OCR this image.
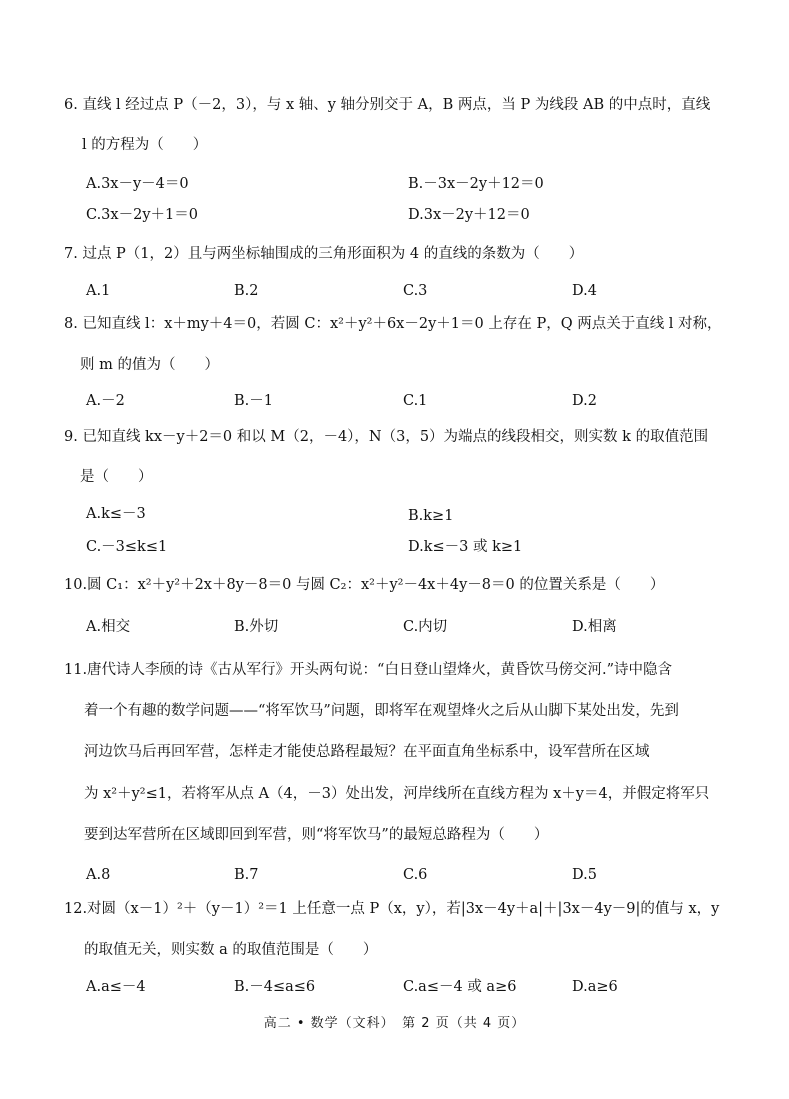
6. 直线 l 经过点 P（－2，3），与 x 轴、y 轴分别交于 A，B 两点，当 P 为线段 AB 的中点时，直线
l 的方程为（　　）
A.3x－y－4＝0	B.－3x－2y＋12＝0
C.3x－2y＋1＝0	D.3x－2y＋12＝0
7. 过点 P（1，2）且与两坐标轴围成的三角形面积为 4 的直线的条数为（　　）
A.1	B.2	C.3	D.4
8. 已知直线 l：x＋my＋4＝0，若圆 C：x²＋y²＋6x－2y＋1＝0 上存在 P，Q 两点关于直线 l 对称，
则 m 的值为（　　）
A.－2	B.－1	C.1	D.2
9. 已知直线 kx－y＋2＝0 和以 M（2，－4），N（3，5）为端点的线段相交，则实数 k 的取值范围
是（　　）
A.k≤－3	B.k≥1
C.－3≤k≤1	D.k≤－3 或 k≥1
10.圆 C₁：x²＋y²＋2x＋8y－8＝0 与圆 C₂：x²＋y²－4x＋4y－8＝0 的位置关系是（　　）
A.相交	B.外切	C.内切	D.相离
11.唐代诗人李颀的诗《古从军行》开头两句说：“白日登山望烽火，黄昏饮马傍交河.”诗中隐含
着一个有趣的数学问题——“将军饮马”问题，即将军在观望烽火之后从山脚下某处出发，先到
河边饮马后再回军营，怎样走才能使总路程最短？在平面直角坐标系中，设军营所在区域
为 x²＋y²≤1，若将军从点 A（4，－3）处出发，河岸线所在直线方程为 x＋y＝4，并假定将军只
要到达军营所在区域即回到军营，则“将军饮马”的最短总路程为（　　）
A.8	B.7	C.6	D.5
12.对圆（x－1）²＋（y－1）²＝1 上任意一点 P（x，y），若|3x－4y＋a|＋|3x－4y－9|的值与 x，y
的取值无关，则实数 a 的取值范围是（　　）
A.a≤－4	B.－4≤a≤6	C.a≤－4 或 a≥6	D.a≥6
高二 • 数学（文科）　第 2 页（共 4 页）
